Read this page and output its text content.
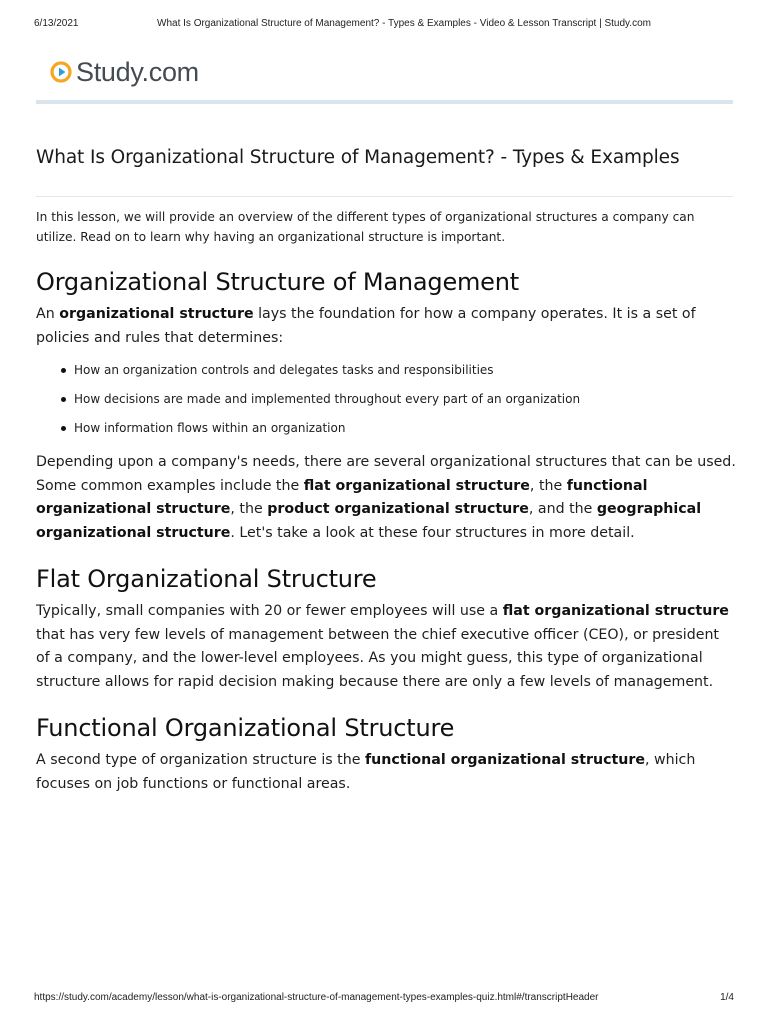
6/13/2021	What Is Organizational Structure of Management? - Types & Examples - Video & Lesson Transcript | Study.com
Study.com
What Is Organizational Structure of Management? - Types & Examples

In this lesson, we will provide an overview of the different types of organizational structures a company can utilize. Read on to learn why having an organizational structure is important.

Organizational Structure of Management

An organizational structure lays the foundation for how a company operates. It is a set of policies and rules that determines:

How an organization controls and delegates tasks and responsibilities
How decisions are made and implemented throughout every part of an organization
How information flows within an organization

Depending upon a company's needs, there are several organizational structures that can be used. Some common examples include the flat organizational structure, the functional organizational structure, the product organizational structure, and the geographical organizational structure. Let's take a look at these four structures in more detail.

Flat Organizational Structure

Typically, small companies with 20 or fewer employees will use a flat organizational structure that has very few levels of management between the chief executive officer (CEO), or president of a company, and the lower-level employees. As you might guess, this type of organizational structure allows for rapid decision making because there are only a few levels of management.

Functional Organizational Structure

A second type of organization structure is the functional organizational structure, which focuses on job functions or functional areas.

https://study.com/academy/lesson/what-is-organizational-structure-of-management-types-examples-quiz.html#/transcriptHeader	1/4
